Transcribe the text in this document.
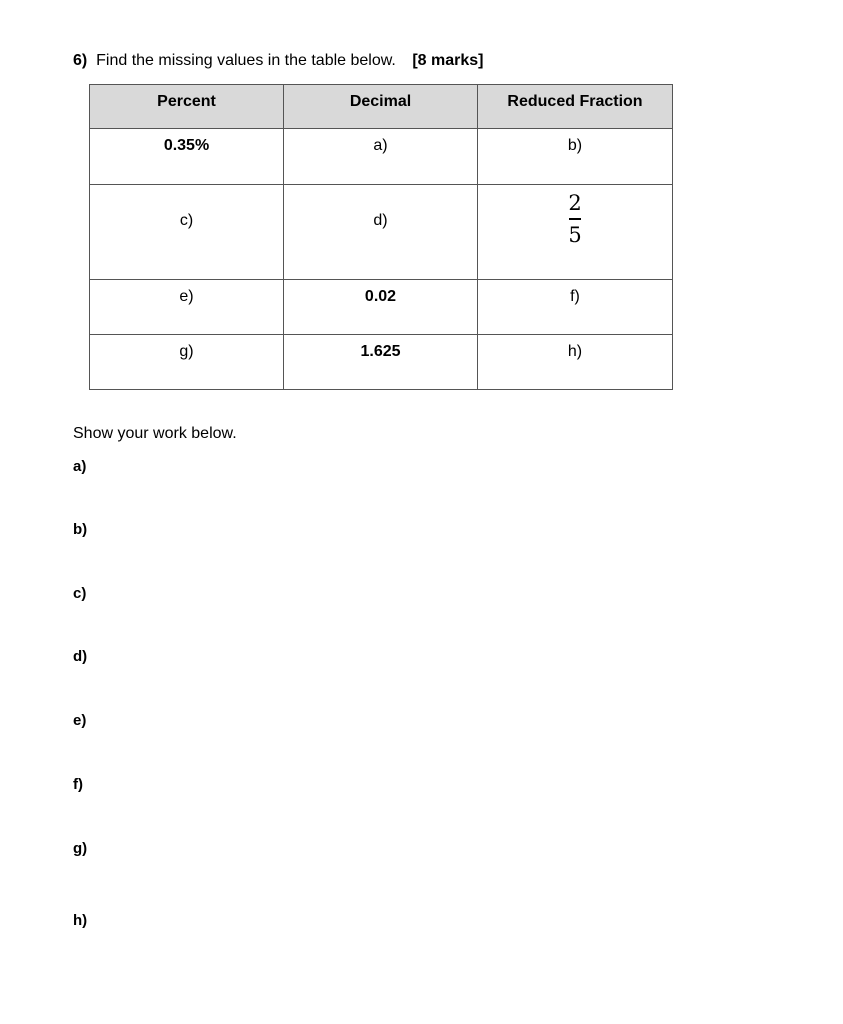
6) Find the missing values in the table below. [8 marks]
Percent	Decimal	Reduced Fraction
0.35%	a)	b)
c)	d)	$\frac{2}{5}$

e)	0.02	f)
g)	1.625	h)
Show your work below.
a)
b)
c)
d)
e)
f)
g)
h)
